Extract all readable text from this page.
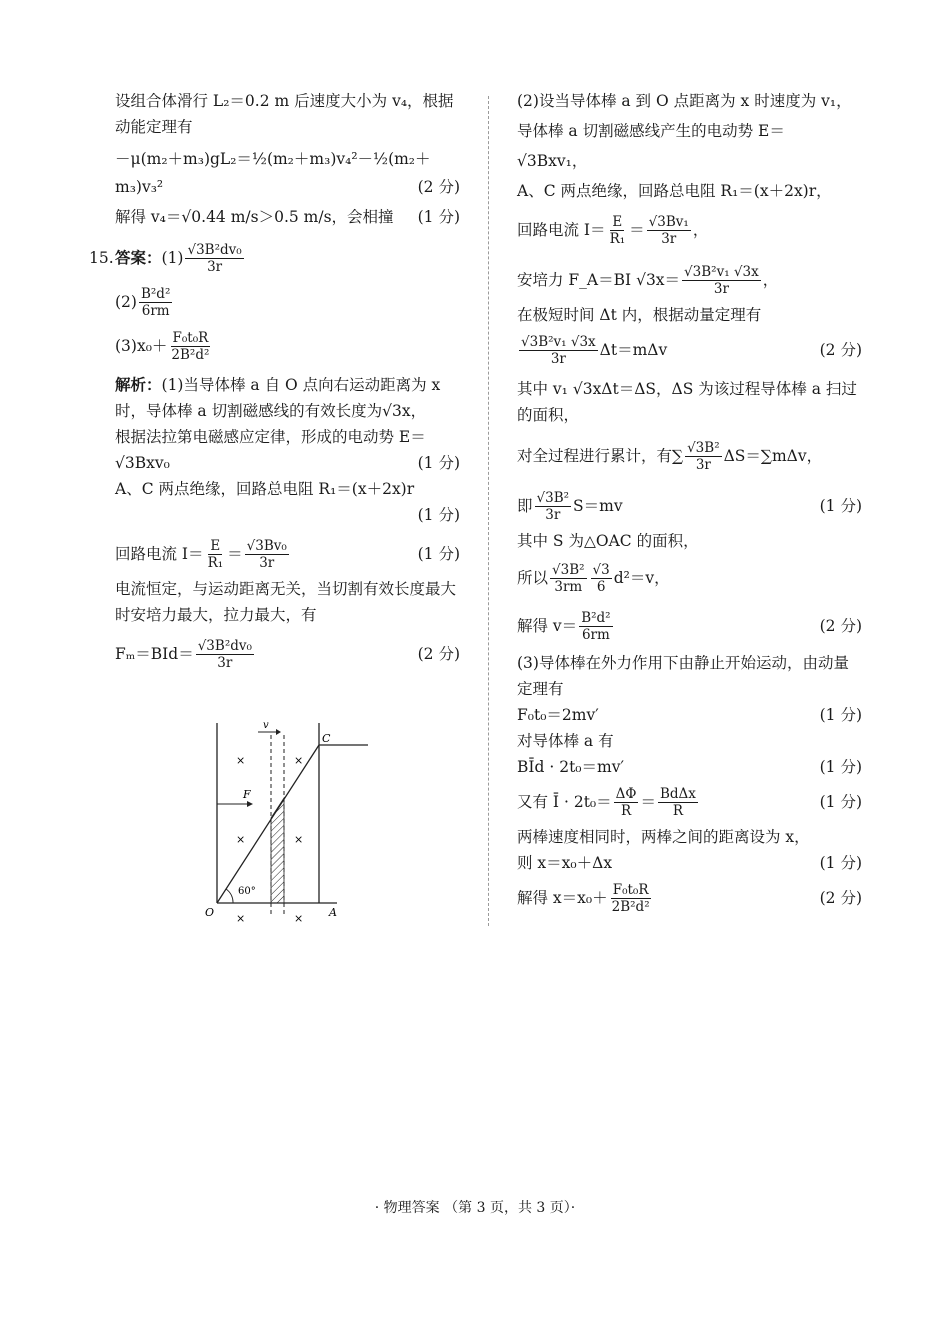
设组合体滑行 L₂＝0.2 m 后速度大小为 v₄，根据
动能定理有
－μ(m₂＋m₃)gL₂＝½(m₂＋m₃)v₄²－½(m₂＋
m₃)v₃²	(2 分)
解得 v₄＝√0.44 m/s＞0.5 m/s，会相撞 (1 分)
15. 答案： $(1) \frac{\text{√3B²dv₀}}{3r}$
$(2) \frac{\text{B²d²}}{6rm}$
$(3)x_0+ \frac{\text{F₀t₀R}}{\text{2B²d²}}$
解析：(1)当导体棒 a 自 O 点向右运动距离为 x
时，导体棒 a 切割磁感线的有效长度为√3x，
根据法拉第电磁感应定律，形成的电动势 E＝
√3Bxv₀	(1 分)
A、C 两点绝缘，回路总电阻 R₁＝(x＋2x)r
(1 分)
回路电流 $I= \frac{E}{\text{R₁}} = \frac{\text{√3Bv₀}}{3r}$	(1 分)
电流恒定，与运动距离无关，当切割有效长度最大
时安培力最大，拉力最大，有
$F_m=BId= \frac{\text{√3B²dv₀}}{3r}$	(2 分)
v
F
C
O	A
60°
×	×
×	×
×	×
(2)设当导体棒 a 到 O 点距离为 x 时速度为 v₁，
导体棒 a 切割磁感线产生的电动势 E＝
√3Bxv₁，
A、C 两点绝缘，回路总电阻 R₁＝(x＋2x)r，
回路电流 $I= \frac{E}{\text{R₁}} = \frac{\text{√3Bv₁}}{3r}$ ，
安培力 F_A＝BI $√3x= \frac{\text{√3B²v₁ √3x}}{3r}$ ，
在极短时间 Δt 内，根据动量定理有
$\frac{\text{√3B²v₁ √3x}}{3r} \Delta t=m\Delta v$	(2 分)
其中 v₁ √3xΔt＝ΔS，ΔS 为该过程导体棒 a 扫过
的面积，
对全过程进行累计，有∑ $\frac{\text{√3B²}}{3r} \Delta S=\sum m\Delta v$，
即 $\frac{\text{√3B²}}{3r} S=mv$	(1 分)
其中 S 为△OAC 的面积，
所以 $\frac{\text{√3B²}}{3rm} \frac{√3}{6} d^2=v$，
解得 $v= \frac{\text{B²d²}}{6rm}$	(2 分)
(3)导体棒在外力作用下由静止开始运动，由动量
定理有
F₀t₀＝2mv′	(1 分)
对导体棒 a 有
BĪd · 2t₀＝mv′	(1 分)
又有 Ī · $2t_0= \frac{\Delta\Phi}{R} = \frac{\text{BdΔx}}{R}$	(1 分)
两棒速度相同时，两棒之间的距离设为 x，
则 x＝x₀＋Δx	(1 分)
解得 $x=x_0+ \frac{\text{F₀t₀R}}{\text{2B²d²}}$	(2 分)
· 物理答案 （第 3 页，共 3 页）·
